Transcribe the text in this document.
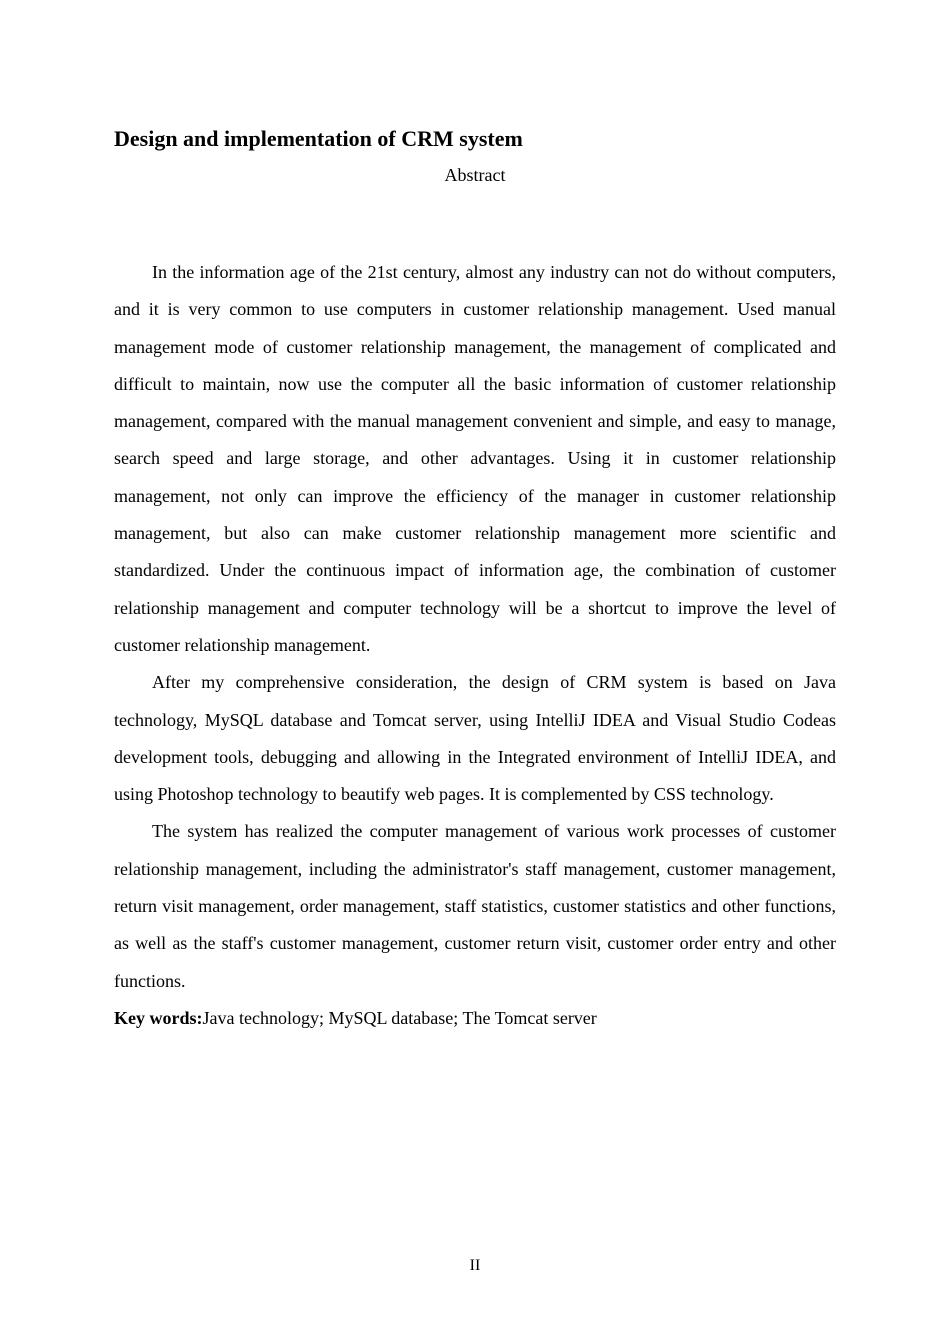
Design and implementation of CRM system
Abstract

In the information age of the 21st century, almost any industry can not do without computers, and it is very common to use computers in customer relationship management. Used manual management mode of customer relationship management, the management of complicated and difficult to maintain, now use the computer all the basic information of customer relationship management, compared with the manual management convenient and simple, and easy to manage, search speed and large storage, and other advantages. Using it in customer relationship management, not only can improve the efficiency of the manager in customer relationship management, but also can make customer relationship management more scientific and standardized. Under the continuous impact of information age, the combination of customer relationship management and computer technology will be a shortcut to improve the level of customer relationship management.

After my comprehensive consideration, the design of CRM system is based on Java technology, MySQL database and Tomcat server, using IntelliJ IDEA and Visual Studio Codeas development tools, debugging and allowing in the Integrated environment of IntelliJ IDEA, and using Photoshop technology to beautify web pages. It is complemented by CSS technology.

The system has realized the computer management of various work processes of customer relationship management, including the administrator's staff management, customer management, return visit management, order management, staff statistics, customer statistics and other functions, as well as the staff's customer management, customer return visit, customer order entry and other functions.

Key words:Java technology; MySQL database; The Tomcat server
II
